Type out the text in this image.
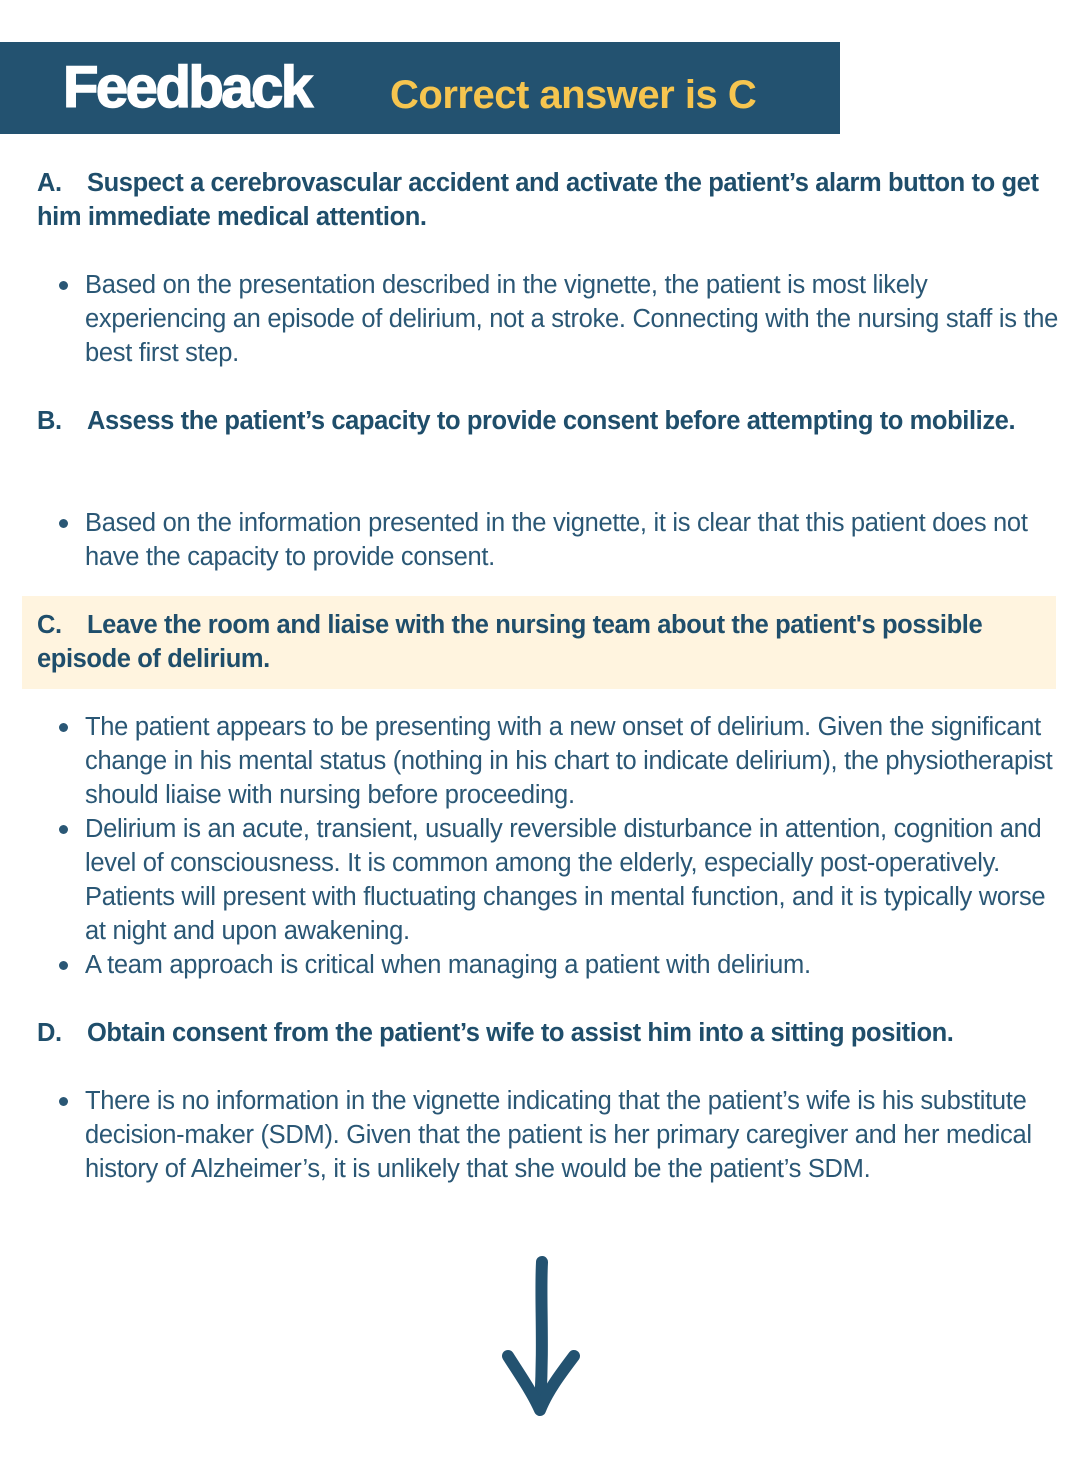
Feedback Correct answer is C
A. Suspect a cerebrovascular accident and activate the patient’s alarm button to get him immediate medical attention.
Based on the presentation described in the vignette, the patient is most likely experiencing an episode of delirium, not a stroke. Connecting with the nursing staff is the best first step.
B. Assess the patient’s capacity to provide consent before attempting to mobilize.
Based on the information presented in the vignette, it is clear that this patient does not have the capacity to provide consent.
C. Leave the room and liaise with the nursing team about the patient's possible episode of delirium.
The patient appears to be presenting with a new onset of delirium. Given the significant change in his mental status (nothing in his chart to indicate delirium), the physiotherapist should liaise with nursing before proceeding.
Delirium is an acute, transient, usually reversible disturbance in attention, cognition and level of consciousness. It is common among the elderly, especially post-operatively. Patients will present with fluctuating changes in mental function, and it is typically worse at night and upon awakening.
A team approach is critical when managing a patient with delirium.
D. Obtain consent from the patient’s wife to assist him into a sitting position.
There is no information in the vignette indicating that the patient’s wife is his substitute decision-maker (SDM). Given that the patient is her primary caregiver and her medical history of Alzheimer’s, it is unlikely that she would be the patient’s SDM.
